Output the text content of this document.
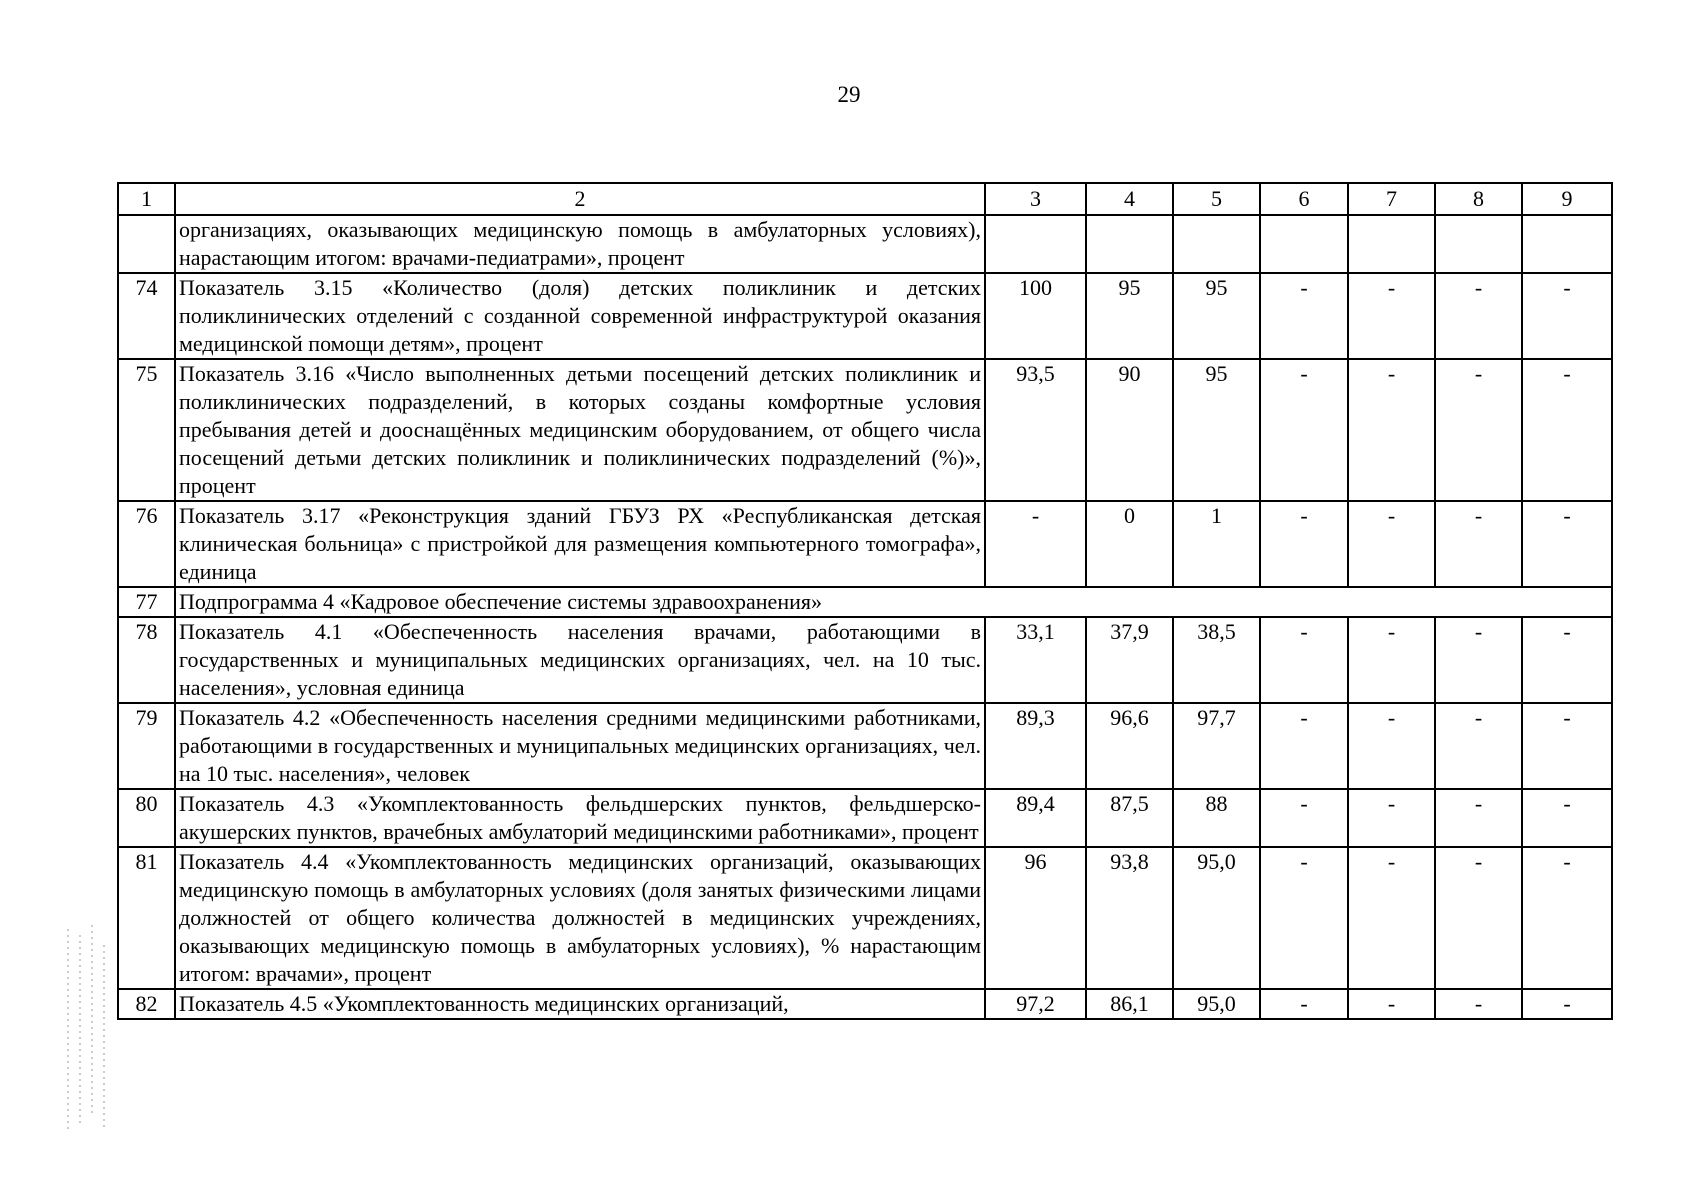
29
1	2	3	4	5	6	7	8	9
	организациях, оказывающих медицинскую помощь в амбулаторных условиях), нарастающим итогом: врачами-педиатрами», процент							
74	Показатель 3.15 «Количество (доля) детских поликлиник и детских поликлинических отделений с созданной современной инфраструктурой оказания медицинской помощи детям», процент	100	95	95	-	-	-	-
75	Показатель 3.16 «Число выполненных детьми посещений детских поликлиник и поликлинических подразделений, в которых созданы комфортные условия пребывания детей и дооснащённых медицинским оборудованием, от общего числа посещений детьми детских поликлиник и поликлинических подразделений (%)», процент	93,5	90	95	-	-	-	-
76	Показатель 3.17 «Реконструкция зданий ГБУЗ РХ «Республиканская детская клиническая больница» с пристройкой для размещения компьютерного томографа», единица	-	0	1	-	-	-	-
77	Подпрограмма 4 «Кадровое обеспечение системы здравоохранения»							
78	Показатель 4.1 «Обеспеченность населения врачами, работающими в государственных и муниципальных медицинских организациях, чел. на 10 тыс. населения», условная единица	33,1	37,9	38,5	-	-	-	-
79	Показатель 4.2 «Обеспеченность населения средними медицинскими работниками, работающими в государственных и муниципальных медицинских организациях, чел. на 10 тыс. населения», человек	89,3	96,6	97,7	-	-	-	-
80	Показатель 4.3 «Укомплектованность фельдшерских пунктов, фельдшерско-акушерских пунктов, врачебных амбулаторий медицинскими работниками», процент	89,4	87,5	88	-	-	-	-
81	Показатель 4.4 «Укомплектованность медицинских организаций, оказывающих медицинскую помощь в амбулаторных условиях (доля занятых физическими лицами должностей от общего количества должностей в медицинских учреждениях, оказывающих медицинскую помощь в амбулаторных условиях), % нарастающим итогом: врачами», процент	96	93,8	95,0	-	-	-	-
82	Показатель 4.5 «Укомплектованность медицинских организаций,	97,2	86,1	95,0	-	-	-	-
